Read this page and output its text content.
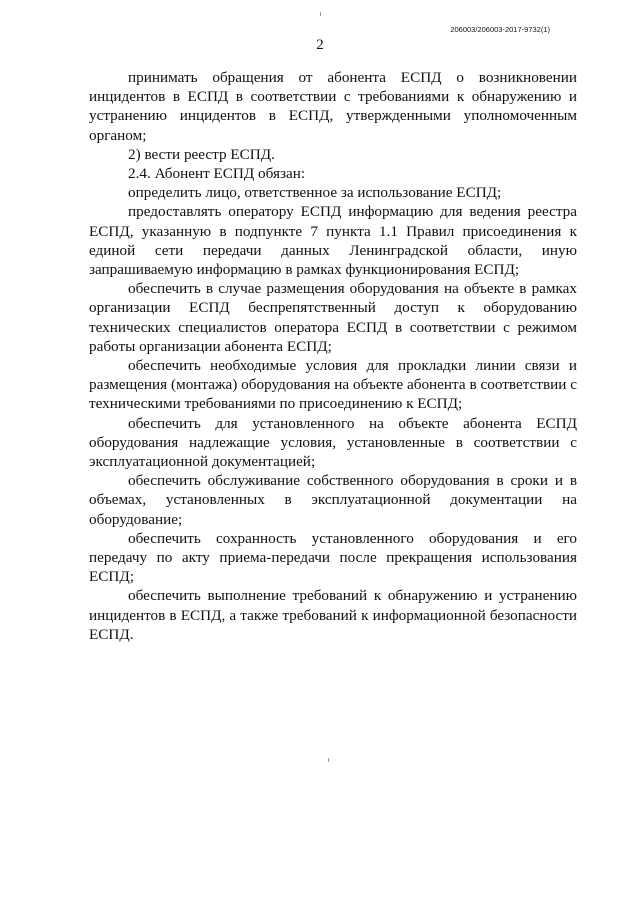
206003/206003-2017-9732(1)
2

принимать обращения от абонента ЕСПД о возникновении инцидентов в ЕСПД в соответствии с требованиями к обнаружению и устранению инцидентов в ЕСПД, утвержденными уполномоченным органом;

2) вести реестр ЕСПД.

2.4. Абонент ЕСПД обязан:

определить лицо, ответственное за использование ЕСПД;

предоставлять оператору ЕСПД информацию для ведения реестра ЕСПД, указанную в подпункте 7 пункта 1.1 Правил присоединения к единой сети передачи данных Ленинградской области, иную запрашиваемую информацию в рамках функционирования ЕСПД;

обеспечить в случае размещения оборудования на объекте в рамках организации ЕСПД беспрепятственный доступ к оборудованию технических специалистов оператора ЕСПД в соответствии с режимом работы организации абонента ЕСПД;

обеспечить необходимые условия для прокладки линии связи и размещения (монтажа) оборудования на объекте абонента в соответствии с техническими требованиями по присоединению к ЕСПД;

обеспечить для установленного на объекте абонента ЕСПД оборудования надлежащие условия, установленные в соответствии с эксплуатационной документацией;

обеспечить обслуживание собственного оборудования в сроки и в объемах, установленных в эксплуатационной документации на оборудование;

обеспечить сохранность установленного оборудования и его передачу по акту приема-передачи после прекращения использования ЕСПД;

обеспечить выполнение требований к обнаружению и устранению инцидентов в ЕСПД, а также требований к информационной безопасности ЕСПД.
